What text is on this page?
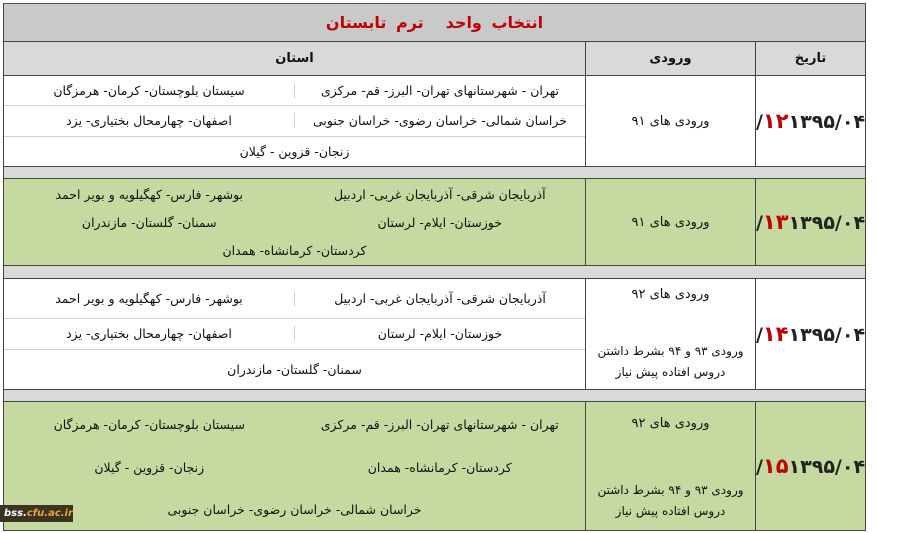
انتخاب واحدترم تابستان
تاریخ
ورودی
استان
۱۲۱۳۹۵/۰۴/
ورودی های ۹۱
تهران - شهرستانهای تهران- البرز- قم- مرکزی
سیستان بلوچستان- کرمان- هرمزگان
خراسان شمالی- خراسان رضوی- خراسان جنوبی
اصفهان- چهارمحال بختیاری- یزد
زنجان- قزوین - گیلان
۱۳۱۳۹۵/۰۴/
ورودی های ۹۱
آذربایجان شرقی- آذربایجان غربی- اردبیل
بوشهر- فارس- کهگیلویه و بویر احمد
خوزستان- ایلام- لرستان
سمنان- گلستان- مازندران
کردستان- کرمانشاه- همدان
۱۴۱۳۹۵/۰۴/
ورودی های ۹۲
ورودی ۹۳ و ۹۴ بشرط داشتن
دروس افتاده پیش نیاز
آذربایجان شرقی- آذربایجان غربی- اردبیل
بوشهر- فارس- کهگیلویه و بویر احمد
خوزستان- ایلام- لرستان
اصفهان- چهارمحال بختیاری- یزد
سمنان- گلستان- مازندران
۱۵۱۳۹۵/۰۴/
ورودی های ۹۲
ورودی ۹۳ و ۹۴ بشرط داشتن
دروس افتاده پیش نیاز
تهران - شهرستانهای تهران- البرز- قم- مرکزی
سیستان بلوچستان- کرمان- هرمزگان
کردستان- کرمانشاه- همدان
زنجان- قزوین - گیلان
خراسان شمالی- خراسان رضوی- خراسان جنوبی
bss. cfu.ac.ir
